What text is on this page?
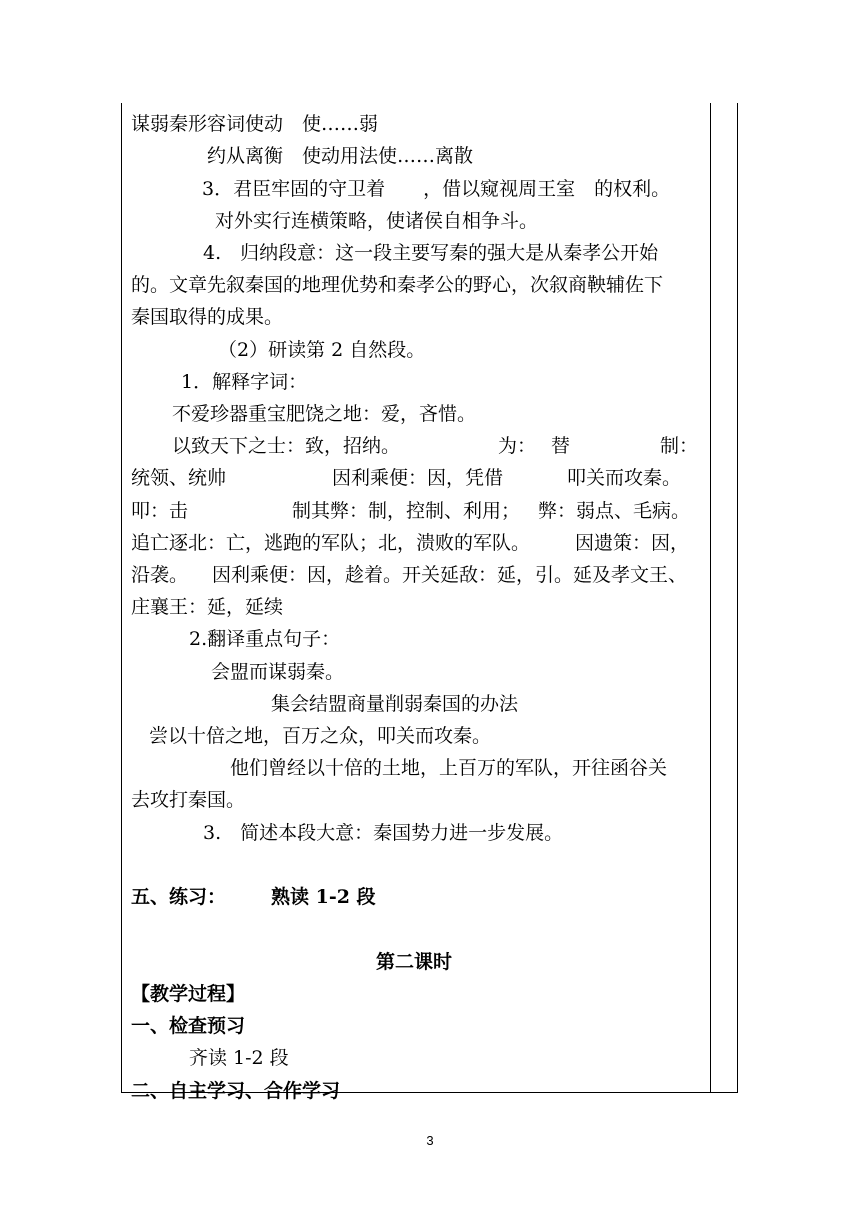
谋弱秦形容词使动　使……弱
约从离衡　使动用法使……离散
3．君臣牢固的守卫着　　，借以窥视周王室　的权利。
对外实行连横策略，使诸侯自相争斗。
4.　归纳段意：这一段主要写秦的强大是从秦孝公开始
的。文章先叙秦国的地理优势和秦孝公的野心，次叙商鞅辅佐下
秦国取得的成果。
（2）研读第 2 自然段。
1．解释字词：
不爱珍器重宝肥饶之地：爱，吝惜。
以致天下之士：致，招纳。	为： 替	制：
统领、统帅	因利乘便：因，凭借	叩关而攻秦。
叩：击	制其弊：制，控制、利用； 弊：弱点、毛病。
追亡逐北：亡，逃跑的军队；北，溃败的军队。 因遗策：因，
沿袭。 因利乘便：因，趁着。开关延敌：延，引。延及孝文王、
庄襄王：延，延续
2.翻译重点句子：
会盟而谋弱秦。
集会结盟商量削弱秦国的办法
尝以十倍之地，百万之众，叩关而攻秦。
他们曾经以十倍的土地，上百万的军队，开往函谷关
去攻打秦国。
3.　简述本段大意：秦国势力进一步发展。
五、练习： 熟读 1-2 段
第二课时
【教学过程】
一、检查预习
齐读 1-2 段
二、自主学习、合作学习
3
